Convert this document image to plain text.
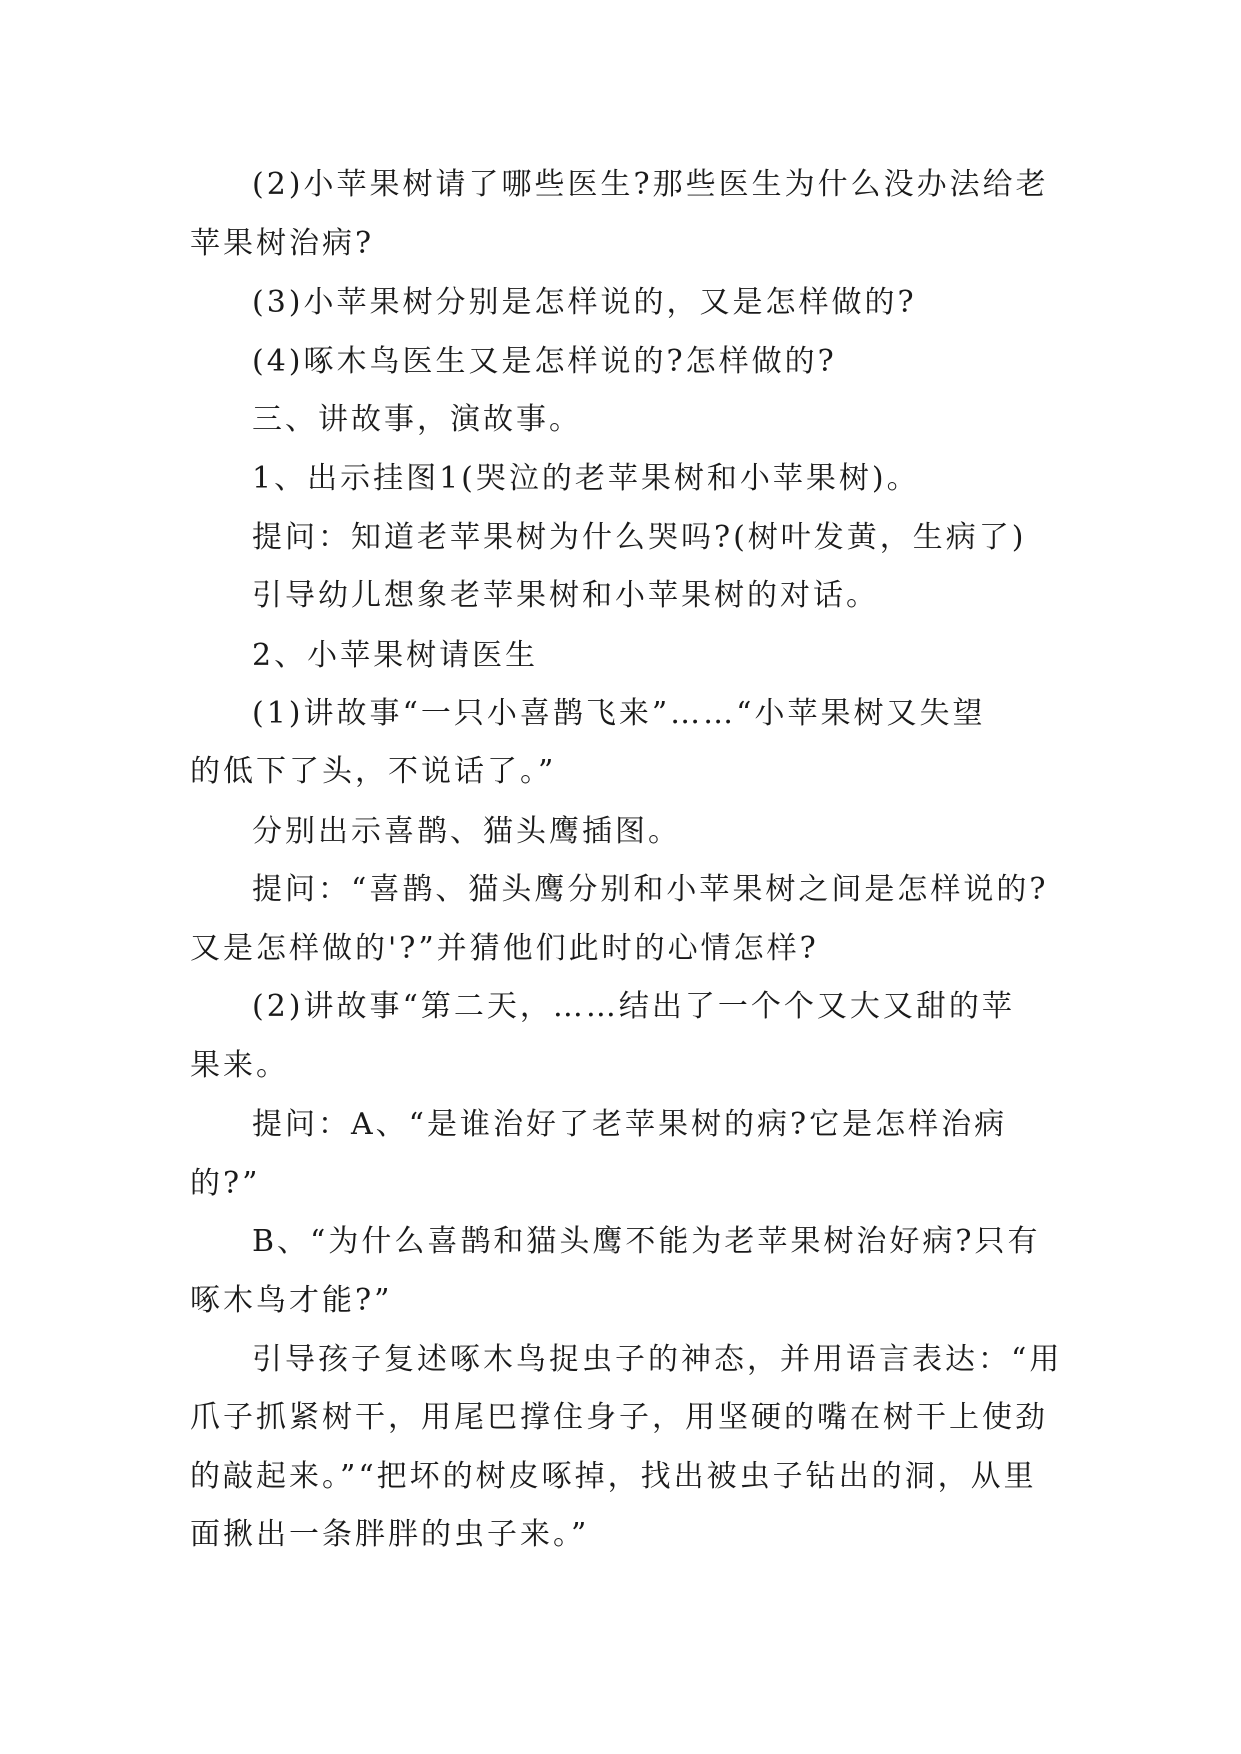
(2)小苹果树请了哪些医生?那些医生为什么没办法给老
苹果树治病?
(3)小苹果树分别是怎样说的，又是怎样做的?
(4)啄木鸟医生又是怎样说的?怎样做的?
三、讲故事，演故事。
1、出示挂图1(哭泣的老苹果树和小苹果树)。
提问：知道老苹果树为什么哭吗?(树叶发黄，生病了)
引导幼儿想象老苹果树和小苹果树的对话。
2、小苹果树请医生
(1)讲故事“一只小喜鹊飞来”……“小苹果树又失望
的低下了头，不说话了。”
分别出示喜鹊、猫头鹰插图。
提问：“喜鹊、猫头鹰分别和小苹果树之间是怎样说的?
又是怎样做的'?”并猜他们此时的心情怎样?
(2)讲故事“第二天，……结出了一个个又大又甜的苹
果来。
提问：A、“是谁治好了老苹果树的病?它是怎样治病
的?”
B、“为什么喜鹊和猫头鹰不能为老苹果树治好病?只有
啄木鸟才能?”
引导孩子复述啄木鸟捉虫子的神态，并用语言表达：“用
爪子抓紧树干，用尾巴撑住身子，用坚硬的嘴在树干上使劲
的敲起来。”“把坏的树皮啄掉，找出被虫子钻出的洞，从里
面揪出一条胖胖的虫子来。”
